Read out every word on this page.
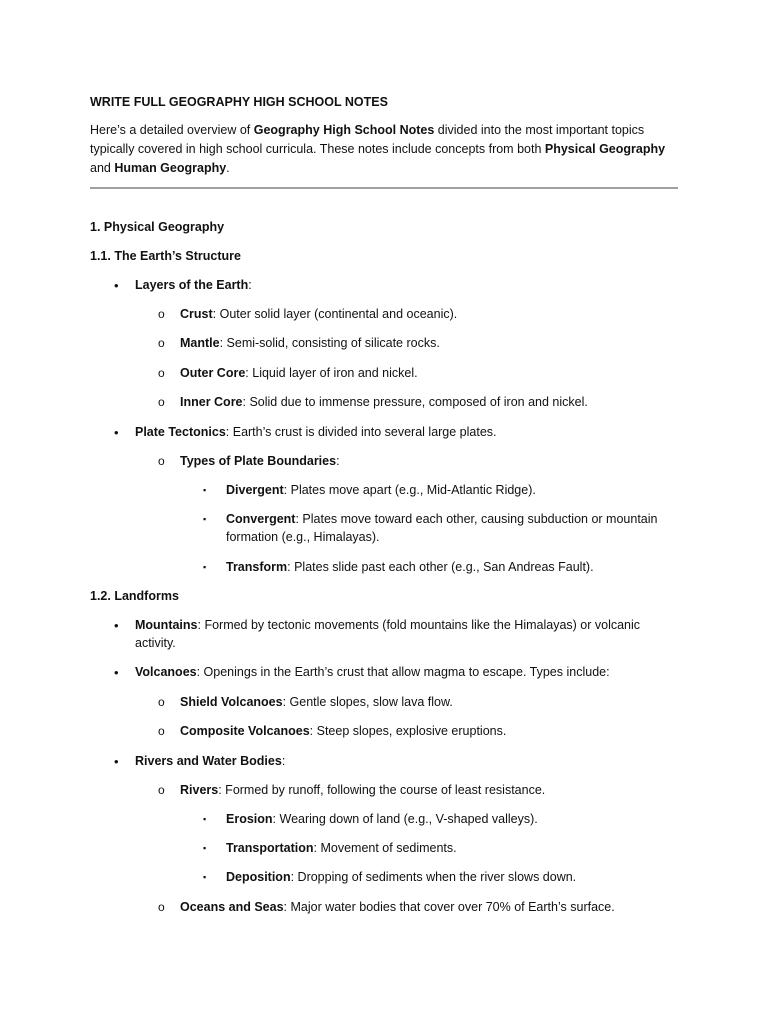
WRITE FULL GEOGRAPHY HIGH SCHOOL NOTES

Here’s a detailed overview of Geography High School Notes divided into the most important topics

typically covered in high school curricula. These notes include concepts from both Physical Geography

and Human Geography.

1. Physical Geography

1.1. The Earth’s Structure

• Layers of the Earth:

o Crust: Outer solid layer (continental and oceanic).

o Mantle: Semi-solid, consisting of silicate rocks.

o Outer Core: Liquid layer of iron and nickel.

o Inner Core: Solid due to immense pressure, composed of iron and nickel.

• Plate Tectonics: Earth’s crust is divided into several large plates.

o Types of Plate Boundaries:

▪ Divergent: Plates move apart (e.g., Mid-Atlantic Ridge).

▪ Convergent: Plates move toward each other, causing subduction or mountain

formation (e.g., Himalayas).

▪ Transform: Plates slide past each other (e.g., San Andreas Fault).

1.2. Landforms

• Mountains: Formed by tectonic movements (fold mountains like the Himalayas) or volcanic

activity.

• Volcanoes: Openings in the Earth’s crust that allow magma to escape. Types include:

o Shield Volcanoes: Gentle slopes, slow lava flow.

o Composite Volcanoes: Steep slopes, explosive eruptions.

• Rivers and Water Bodies:

o Rivers: Formed by runoff, following the course of least resistance.

▪ Erosion: Wearing down of land (e.g., V-shaped valleys).

▪ Transportation: Movement of sediments.

▪ Deposition: Dropping of sediments when the river slows down.

o Oceans and Seas: Major water bodies that cover over 70% of Earth’s surface.
